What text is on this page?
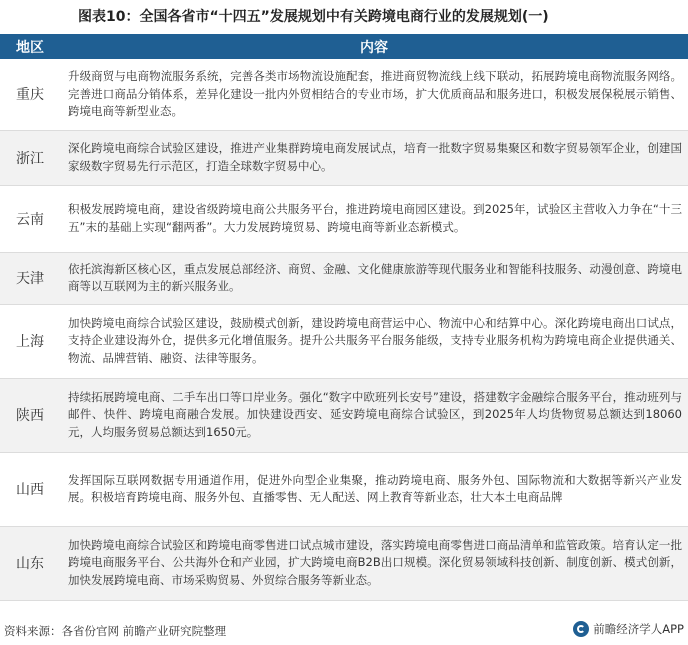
图表10：全国各省市“十四五”发展规划中有关跨境电商行业的发展规划(一)
地区	内容
重庆	升级商贸与电商物流服务系统，完善各类市场物流设施配套，推进商贸物流线上线下联动，拓展跨境电商物流服务网络。完善进口商品分销体系，差异化建设一批内外贸相结合的专业市场，扩大优质商品和服务进口，积极发展保税展示销售、跨境电商等新型业态。
浙江	深化跨境电商综合试验区建设，推进产业集群跨境电商发展试点，培育一批数字贸易集聚区和数字贸易领军企业，创建国家级数字贸易先行示范区，打造全球数字贸易中心。
云南	积极发展跨境电商，建设省级跨境电商公共服务平台，推进跨境电商园区建设。到2025年，试验区主营收入力争在“十三五”末的基础上实现“翻两番”。大力发展跨境贸易、跨境电商等新业态新模式。
天津	依托滨海新区核心区，重点发展总部经济、商贸、金融、文化健康旅游等现代服务业和智能科技服务、动漫创意、跨境电商等以互联网为主的新兴服务业。
上海	加快跨境电商综合试验区建设，鼓励模式创新，建设跨境电商营运中心、物流中心和结算中心。深化跨境电商出口试点，支持企业建设海外仓，提供多元化增值服务。提升公共服务平台服务能级，支持专业服务机构为跨境电商企业提供通关、物流、品牌营销、融资、法律等服务。
陕西	持续拓展跨境电商、二手车出口等口岸业务。强化“数字中欧班列长安号”建设，搭建数字金融综合服务平台，推动班列与邮件、快件、跨境电商融合发展。加快建设西安、延安跨境电商综合试验区，到2025年人均货物贸易总额达到18060元，人均服务贸易总额达到1650元。
山西	发挥国际互联网数据专用通道作用，促进外向型企业集聚，推动跨境电商、服务外包、国际物流和大数据等新兴产业发展。积极培育跨境电商、服务外包、直播零售、无人配送、网上教育等新业态，壮大本土电商品牌
山东	加快跨境电商综合试验区和跨境电商零售进口试点城市建设，落实跨境电商零售进口商品清单和监管政策。培育认定一批跨境电商服务平台、公共海外仓和产业园，扩大跨境电商B2B出口规模。深化贸易领域科技创新、制度创新、模式创新，加快发展跨境电商、市场采购贸易、外贸综合服务等新业态。
资料来源：各省份官网 前瞻产业研究院整理	前瞻经济学人APP
